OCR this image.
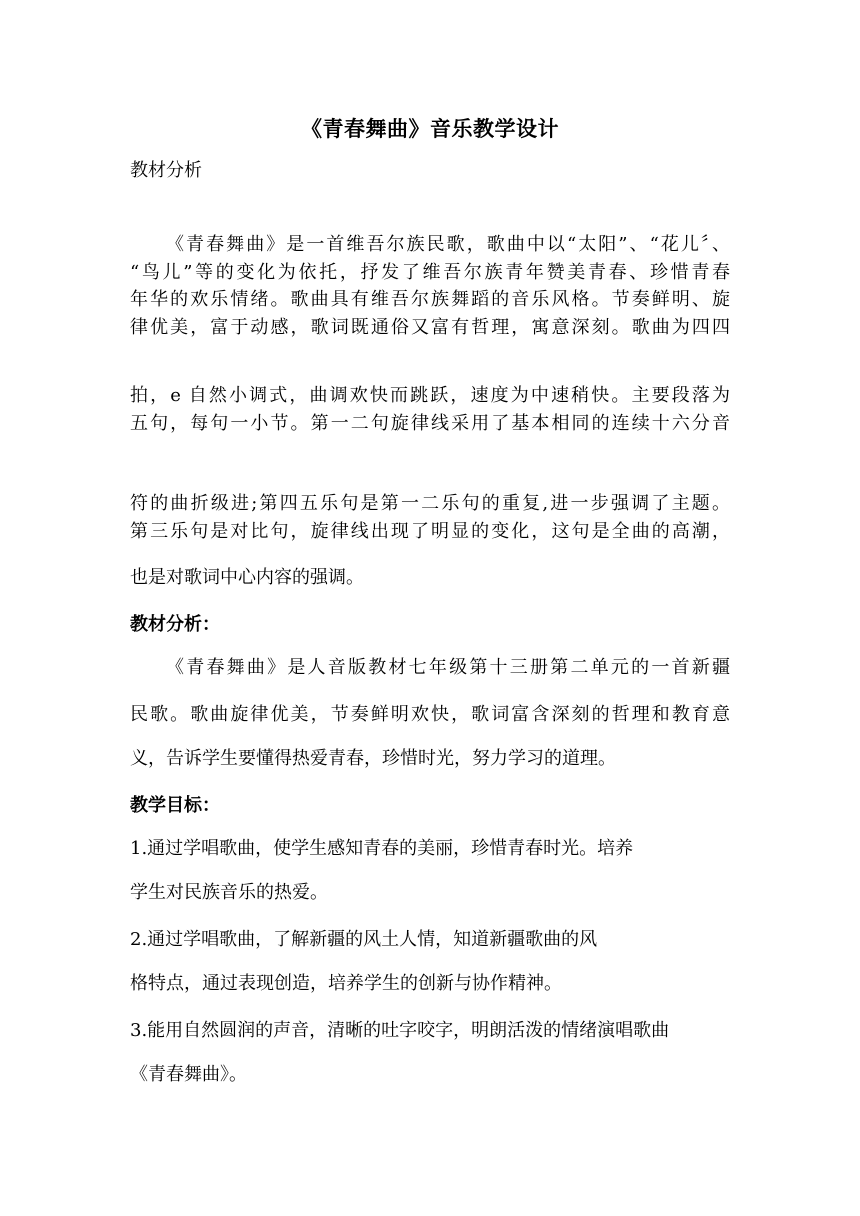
《青春舞曲》音乐教学设计
教材分析
《青春舞曲》是一首维吾尔族民歌，歌曲中以“太阳”、“花儿〞、
“鸟儿”等的变化为依托，抒发了维吾尔族青年赞美青春、珍惜青春
年华的欢乐情绪。歌曲具有维吾尔族舞蹈的音乐风格。节奏鲜明、旋
律优美，富于动感，歌词既通俗又富有哲理，寓意深刻。歌曲为四四
拍，e 自然小调式，曲调欢快而跳跃，速度为中速稍快。主要段落为
五句，每句一小节。第一二句旋律线采用了基本相同的连续十六分音
符的曲折级进;第四五乐句是第一二乐句的重复,进一步强调了主题。
第三乐句是对比句，旋律线出现了明显的变化，这句是全曲的高潮，
也是对歌词中心内容的强调。
教材分析：
《青春舞曲》是人音版教材七年级第十三册第二单元的一首新疆
民歌。歌曲旋律优美，节奏鲜明欢快，歌词富含深刻的哲理和教育意
义，告诉学生要懂得热爱青春，珍惜时光，努力学习的道理。
教学目标：
1.通过学唱歌曲，使学生感知青春的美丽，珍惜青春时光。培养
学生对民族音乐的热爱。
2.通过学唱歌曲，了解新疆的风土人情，知道新疆歌曲的风
格特点，通过表现创造，培养学生的创新与协作精神。
3.能用自然圆润的声音，清晰的吐字咬字，明朗活泼的情绪演唱歌曲
《青春舞曲》。
